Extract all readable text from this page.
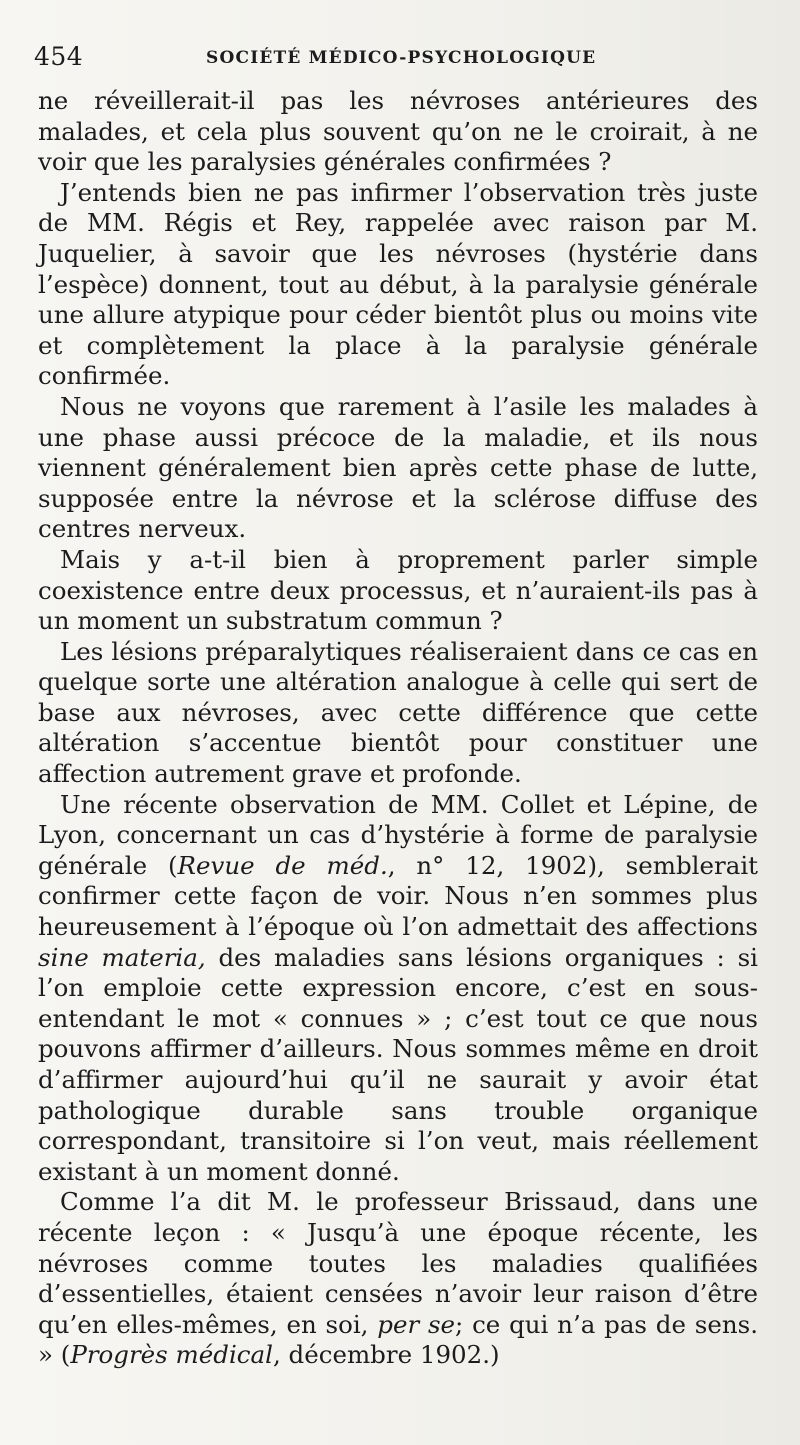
454	SOCIÉTÉ MÉDICO-PSYCHOLOGIQUE

ne réveillerait-il pas les névroses antérieures des malades, et cela plus souvent qu’on ne le croirait, à ne voir que les paralysies générales confirmées ?

J’entends bien ne pas infirmer l’observation très juste de MM. Régis et Rey, rappelée avec raison par M. Juquelier, à savoir que les névroses (hystérie dans l’espèce) donnent, tout au début, à la paralysie générale une allure atypique pour céder bientôt plus ou moins vite et complètement la place à la paralysie générale confirmée.

Nous ne voyons que rarement à l’asile les malades à une phase aussi précoce de la maladie, et ils nous viennent généralement bien après cette phase de lutte, supposée entre la névrose et la sclérose diffuse des centres nerveux.

Mais y a-t-il bien à proprement parler simple coexistence entre deux processus, et n’auraient-ils pas à un moment un substratum commun ?

Les lésions préparalytiques réaliseraient dans ce cas en quelque sorte une altération analogue à celle qui sert de base aux névroses, avec cette différence que cette altération s’accentue bientôt pour constituer une affection autrement grave et profonde.

Une récente observation de MM. Collet et Lépine, de Lyon, concernant un cas d’hystérie à forme de paralysie générale (Revue de méd., n° 12, 1902), semblerait confirmer cette façon de voir. Nous n’en sommes plus heureusement à l’époque où l’on admettait des affections sine materia, des maladies sans lésions organiques : si l’on emploie cette expression encore, c’est en sous-entendant le mot « connues » ; c’est tout ce que nous pouvons affirmer d’ailleurs. Nous sommes même en droit d’affirmer aujourd’hui qu’il ne saurait y avoir état pathologique durable sans trouble organique correspondant, transitoire si l’on veut, mais réellement existant à un moment donné.

Comme l’a dit M. le professeur Brissaud, dans une récente leçon : « Jusqu’à une époque récente, les névroses comme toutes les maladies qualifiées d’essentielles, étaient censées n’avoir leur raison d’être qu’en elles-mêmes, en soi, per se; ce qui n’a pas de sens. » (Progrès médical, décembre 1902.)
